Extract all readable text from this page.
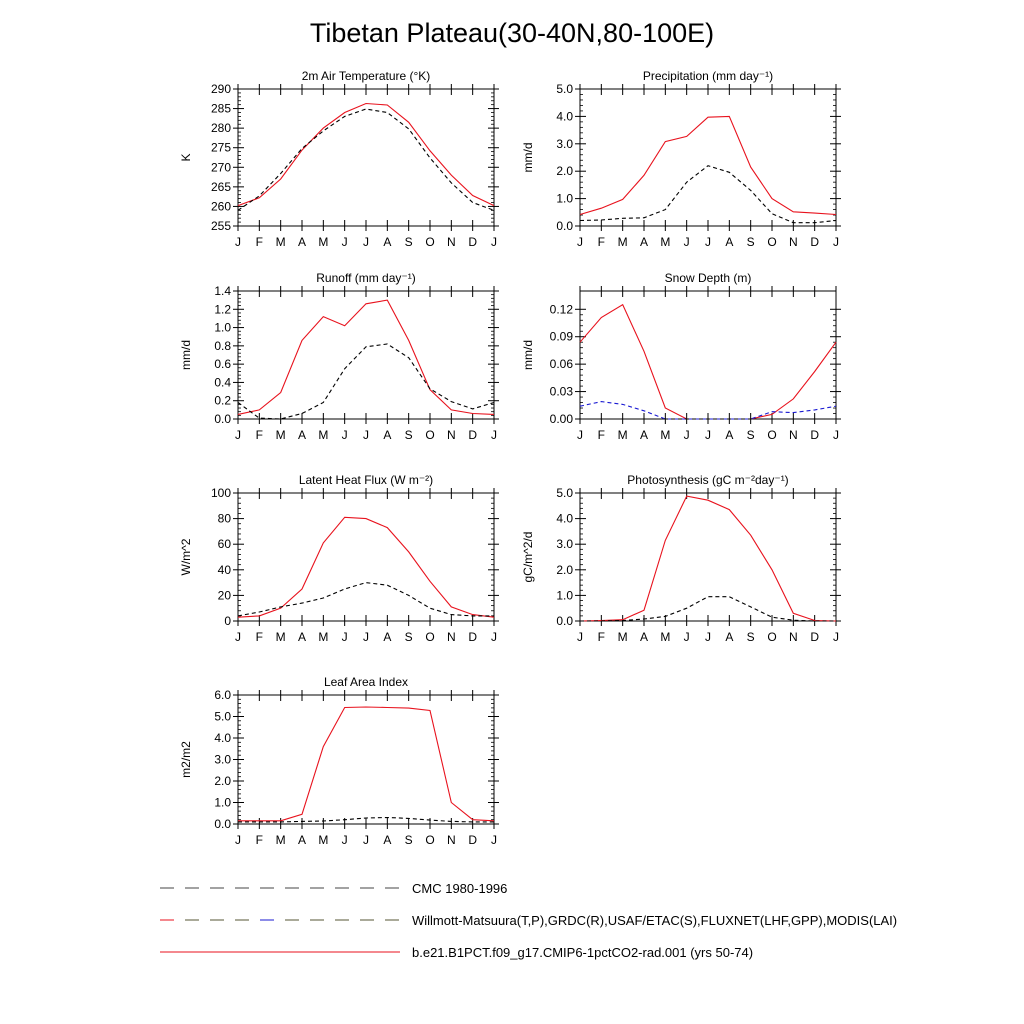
Tibetan Plateau(30-40N,80-100E)
2m Air Temperature (°K)
K
255
260
265
270
275
280
285
290
J F M A M J J A S O N D J
Precipitation (mm day⁻¹)
mm/d
0.0
1.0
2.0
3.0
4.0
5.0
J F M A M J J A S O N D J
Runoff (mm day⁻¹)
mm/d
0.0
0.2
0.4
0.6
0.8
1.0
1.2
1.4
J F M A M J J A S O N D J
Snow Depth (m)
mm/d
0.00
0.03
0.06
0.09
0.12
J F M A M J J A S O N D J
Latent Heat Flux (W m⁻²)
W/m^2
0
20
40
60
80
100
J F M A M J J A S O N D J
Photosynthesis (gC m⁻²day⁻¹)
gC/m^2/d
0.0
1.0
2.0
3.0
4.0
5.0
J F M A M J J A S O N D J
Leaf Area Index
m2/m2
0.0
1.0
2.0
3.0
4.0
5.0
6.0
J F M A M J J A S O N D J
CMC 1980-1996
Willmott-Matsuura(T,P),GRDC(R),USAF/ETAC(S),FLUXNET(LHF,GPP),MODIS(LAI)
b.e21.B1PCT.f09_g17.CMIP6-1pctCO2-rad.001 (yrs 50-74)
